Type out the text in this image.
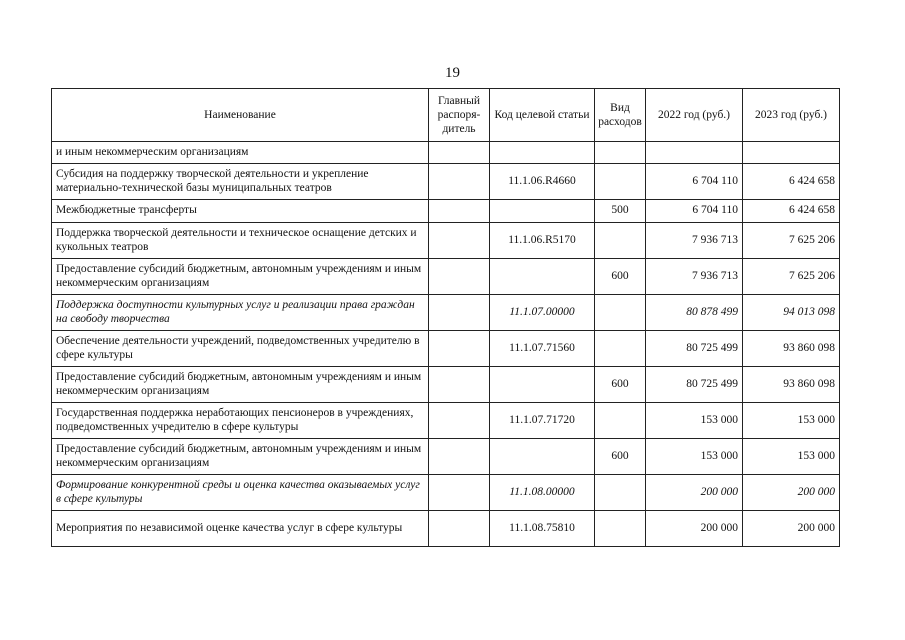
19
Наименование	Главный распоря-дитель	Код целевой статьи	Вид расходов	2022 год (руб.)	2023 год (руб.)
и иным некоммерческим организациям					
Субсидия на поддержку творческой деятельности и укрепление материально-технической базы муниципальных театров		11.1.06.R4660		6 704 110	6 424 658
Межбюджетные трансферты			500	6 704 110	6 424 658
Поддержка творческой деятельности и техническое оснащение детских и кукольных театров		11.1.06.R5170		7 936 713	7 625 206
Предоставление субсидий бюджетным, автономным учреждениям и иным некоммерческим организациям			600	7 936 713	7 625 206
Поддержка доступности культурных услуг и реализации права граждан на свободу творчества		11.1.07.00000		80 878 499	94 013 098
Обеспечение деятельности учреждений, подведомственных учредителю в сфере культуры		11.1.07.71560		80 725 499	93 860 098
Предоставление субсидий бюджетным, автономным учреждениям и иным некоммерческим организациям			600	80 725 499	93 860 098
Государственная поддержка неработающих пенсионеров в учреждениях, подведомственных учредителю в сфере культуры		11.1.07.71720		153 000	153 000
Предоставление субсидий бюджетным, автономным учреждениям и иным некоммерческим организациям			600	153 000	153 000
Формирование конкурентной среды и оценка качества оказываемых услуг в сфере культуры		11.1.08.00000		200 000	200 000
Мероприятия по независимой оценке качества услуг в сфере культуры		11.1.08.75810		200 000	200 000
